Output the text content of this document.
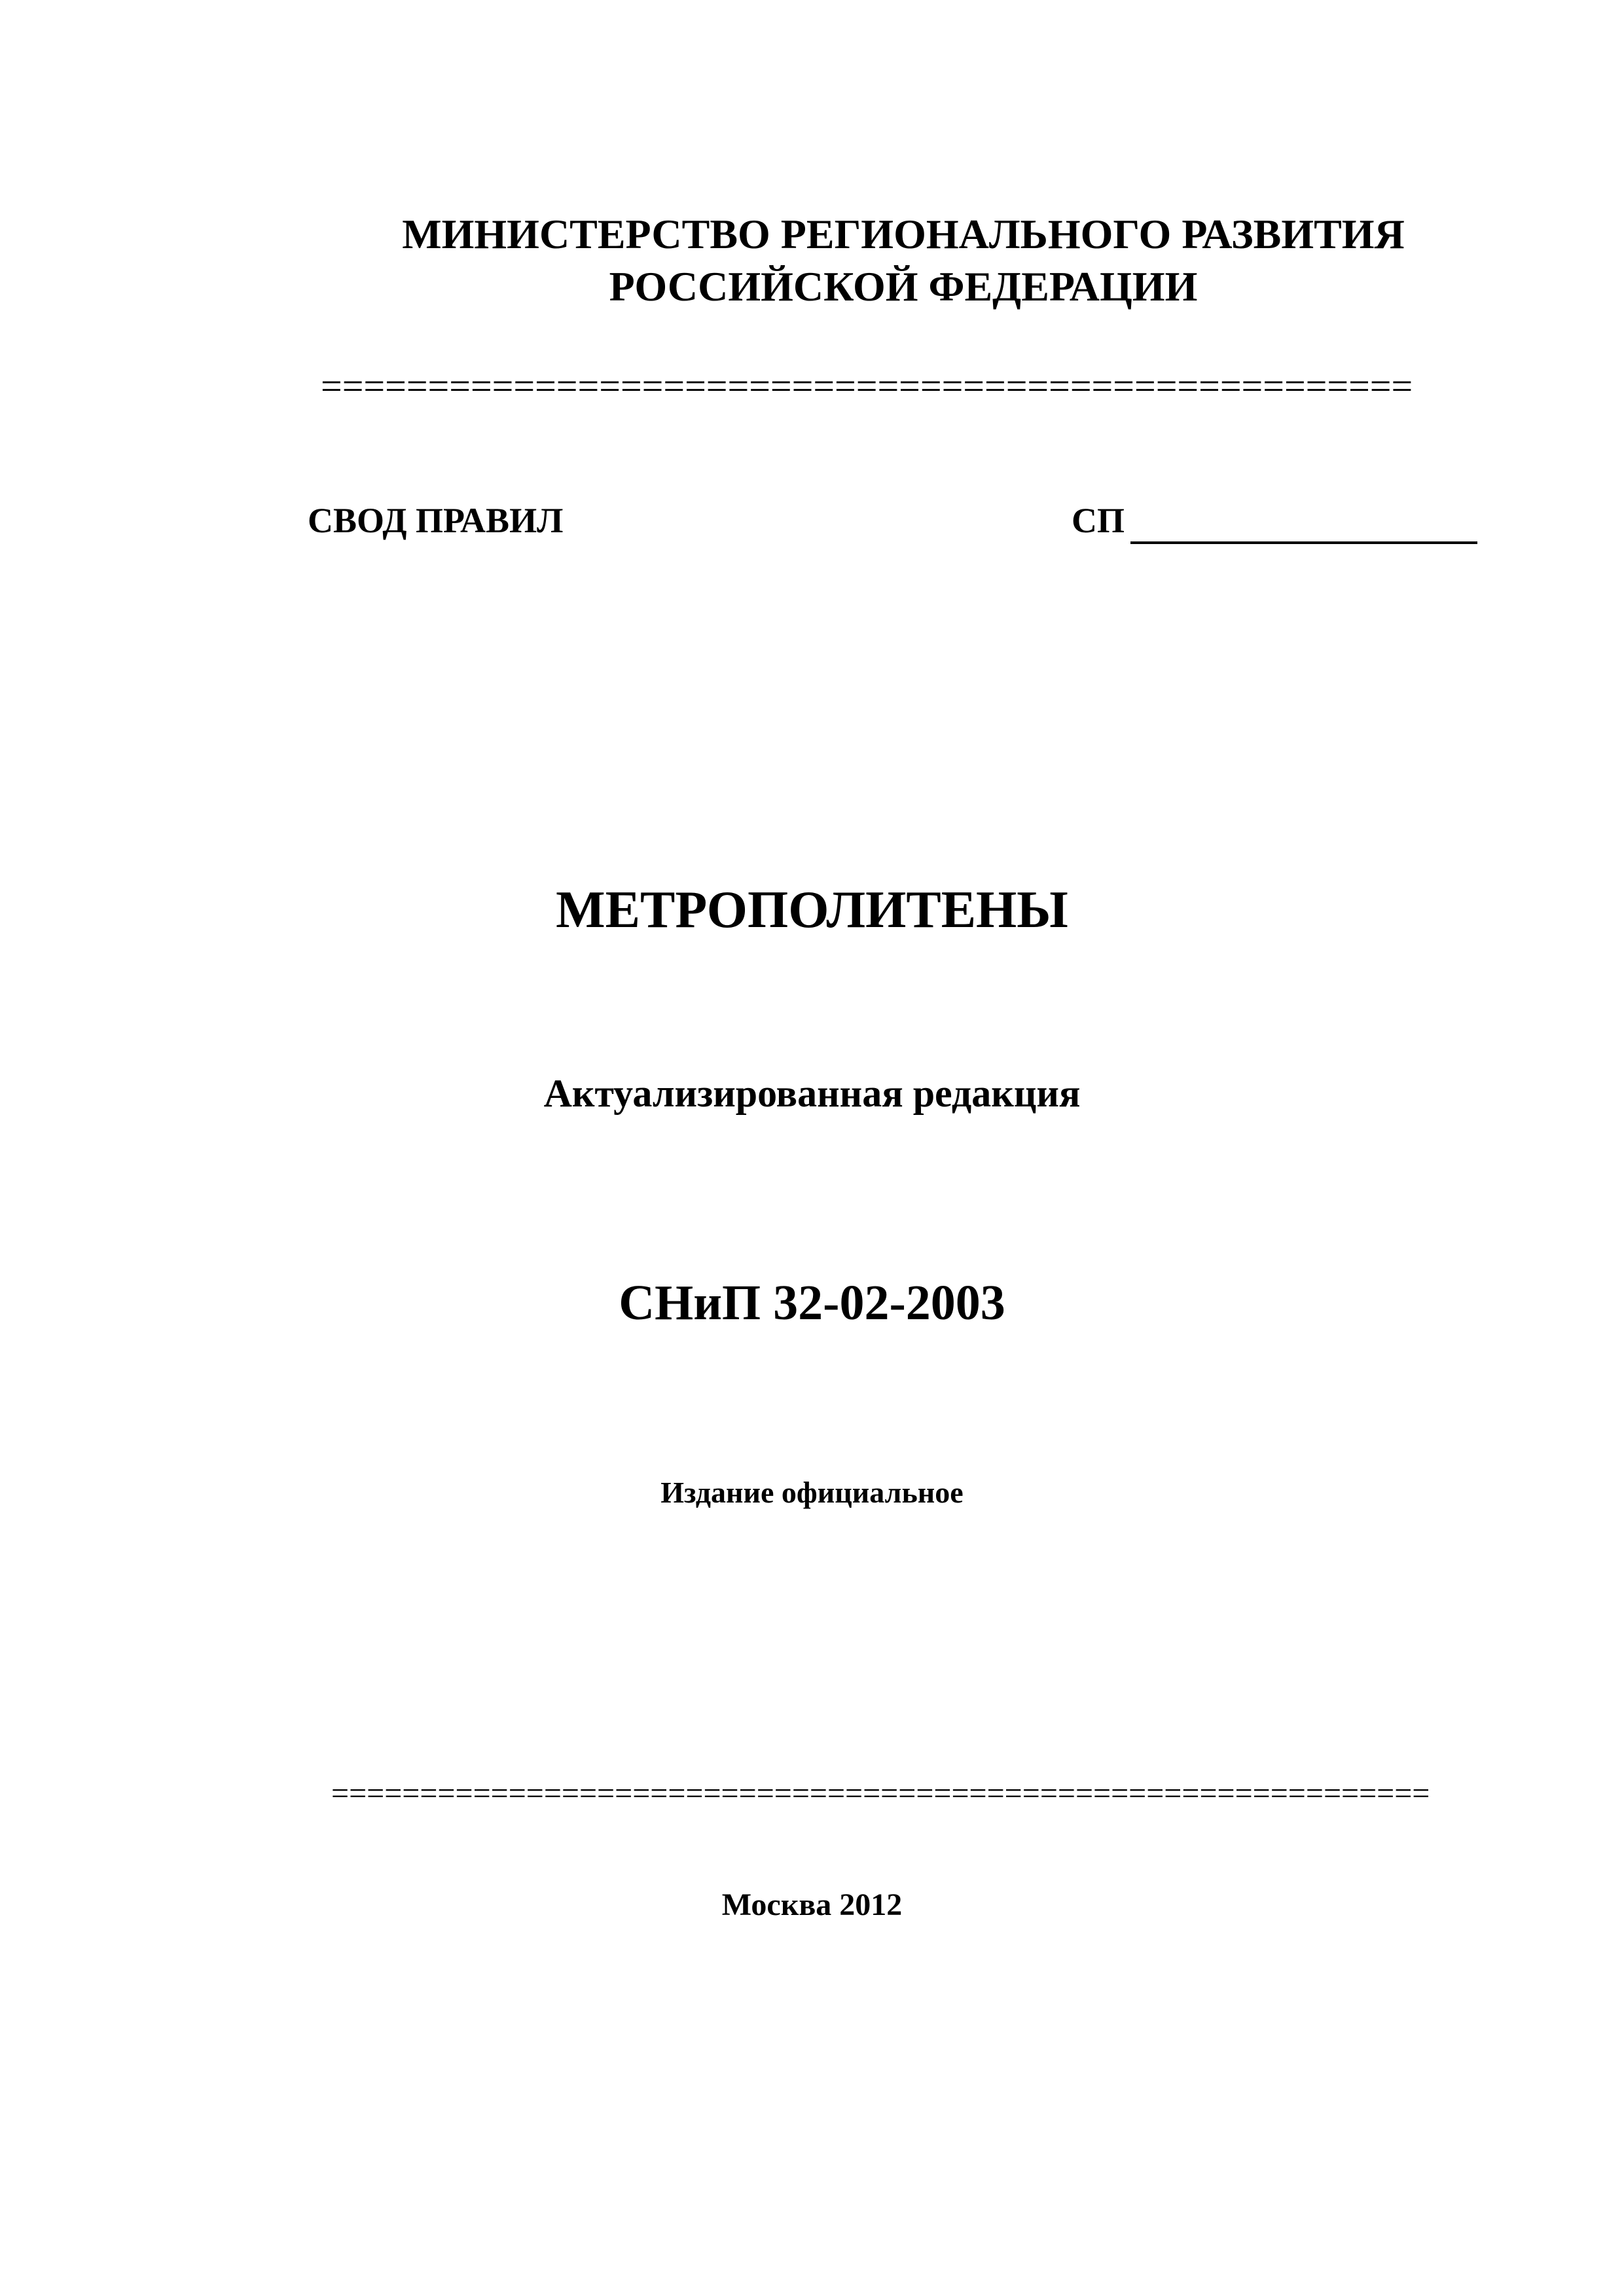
МИНИСТЕРСТВО РЕГИОНАЛЬНОГО РАЗВИТИЯ
РОССИЙСКОЙ ФЕДЕРАЦИИ
===================================================
СВОД ПРАВИЛ	СП
МЕТРОПОЛИТЕНЫ
Актуализированная редакция
СНиП 32-02-2003
Издание официальное
==============================================================
Москва 2012
